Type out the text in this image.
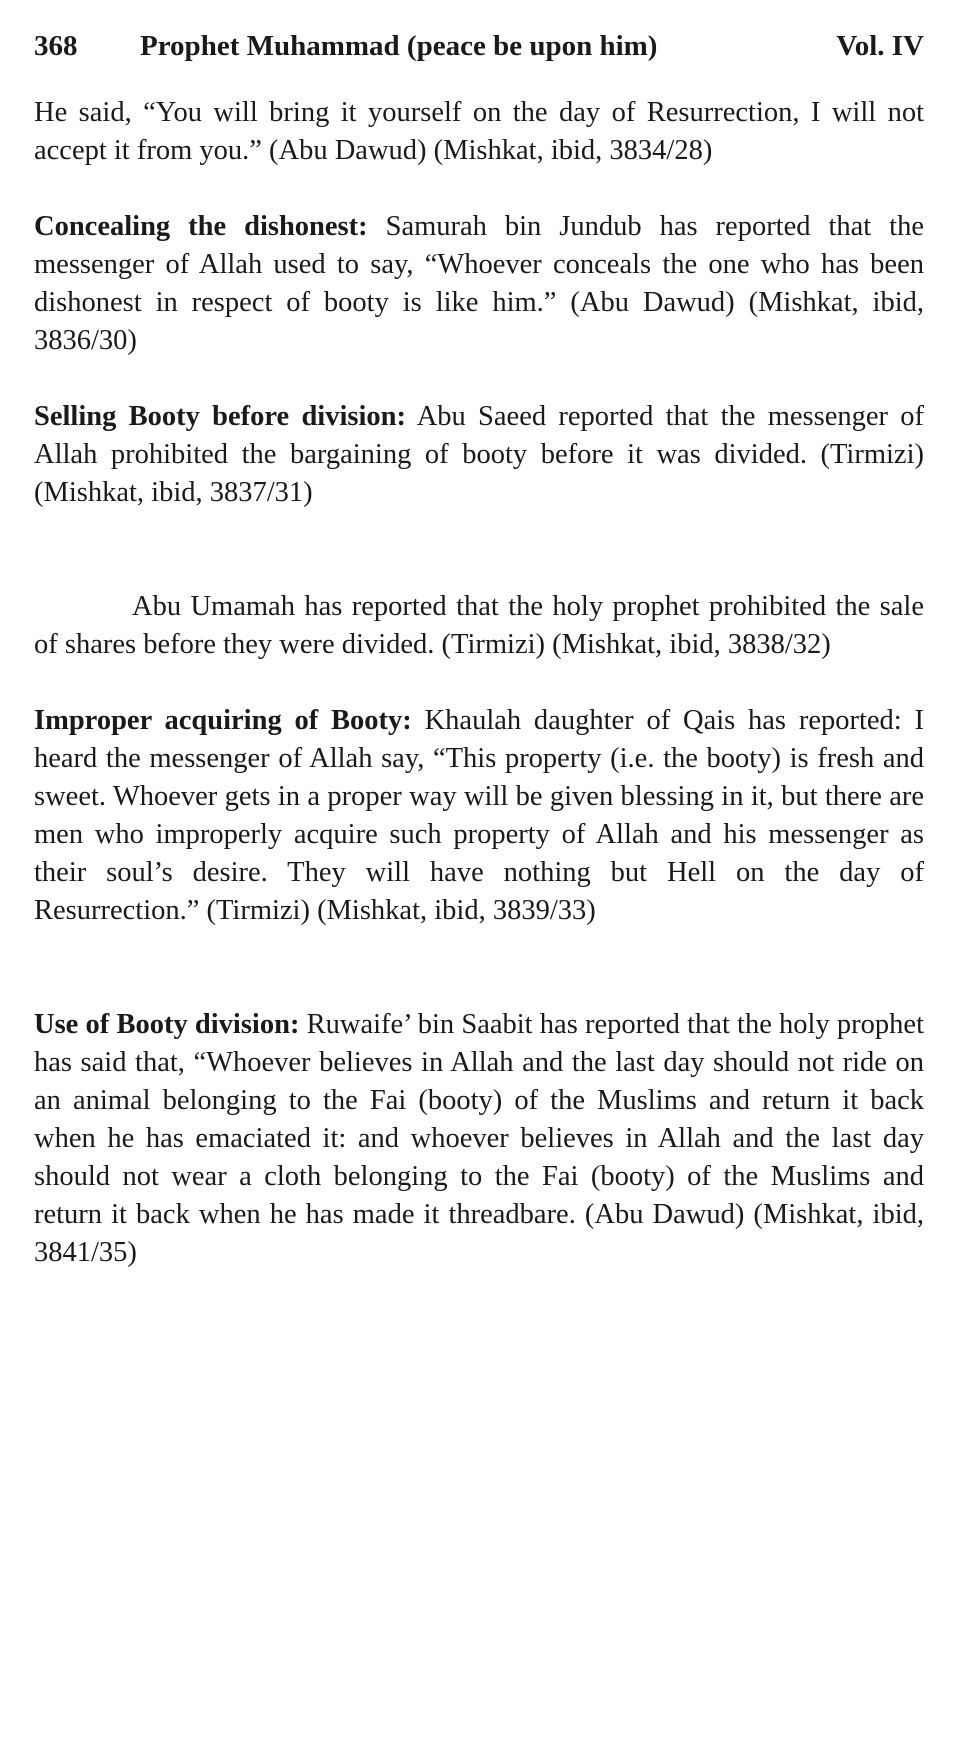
368	Prophet Muhammad (peace be upon him)	Vol. IV

He said, “You will bring it yourself on the day of Resurrection, I will not accept it from you.” (Abu Dawud) (Mishkat, ibid, 3834/28)

Concealing the dishonest: Samurah bin Jundub has reported that the messenger of Allah used to say, “Whoever conceals the one who has been dishonest in respect of booty is like him.” (Abu Dawud) (Mishkat, ibid, 3836/30)

Selling Booty before division: Abu Saeed reported that the messenger of Allah prohibited the bargaining of booty before it was divided. (Tirmizi) (Mishkat, ibid, 3837/31)

Abu Umamah has reported that the holy prophet prohibited the sale of shares before they were divided. (Tirmizi) (Mishkat, ibid, 3838/32)

Improper acquiring of Booty: Khaulah daughter of Qais has reported: I heard the messenger of Allah say, “This property (i.e. the booty) is fresh and sweet. Whoever gets in a proper way will be given blessing in it, but there are men who improperly acquire such property of Allah and his messenger as their soul’s desire. They will have nothing but Hell on the day of Resurrection.” (Tirmizi) (Mishkat, ibid, 3839/33)

Use of Booty division: Ruwaife’ bin Saabit has reported that the holy prophet has said that, “Whoever believes in Allah and the last day should not ride on an animal belonging to the Fai (booty) of the Muslims and return it back when he has emaciated it: and whoever believes in Allah and the last day should not wear a cloth belonging to the Fai (booty) of the Muslims and return it back when he has made it threadbare. (Abu Dawud) (Mishkat, ibid, 3841/35)
